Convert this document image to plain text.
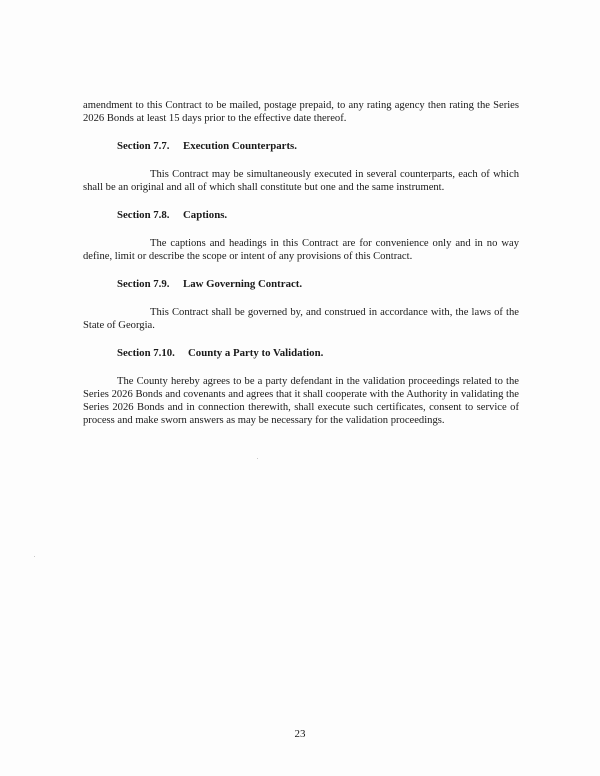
amendment to this Contract to be mailed, postage prepaid, to any rating agency then rating the Series 2026 Bonds at least 15 days prior to the effective date thereof.

Section 7.7. Execution Counterparts.

This Contract may be simultaneously executed in several counterparts, each of which shall be an original and all of which shall constitute but one and the same instrument.

Section 7.8. Captions.

The captions and headings in this Contract are for convenience only and in no way define, limit or describe the scope or intent of any provisions of this Contract.

Section 7.9. Law Governing Contract.

This Contract shall be governed by, and construed in accordance with, the laws of the State of Georgia.

Section 7.10. County a Party to Validation.

The County hereby agrees to be a party defendant in the validation proceedings related to the Series 2026 Bonds and covenants and agrees that it shall cooperate with the Authority in validating the Series 2026 Bonds and in connection therewith, shall execute such certificates, consent to service of process and make sworn answers as may be necessary for the validation proceedings.

23
